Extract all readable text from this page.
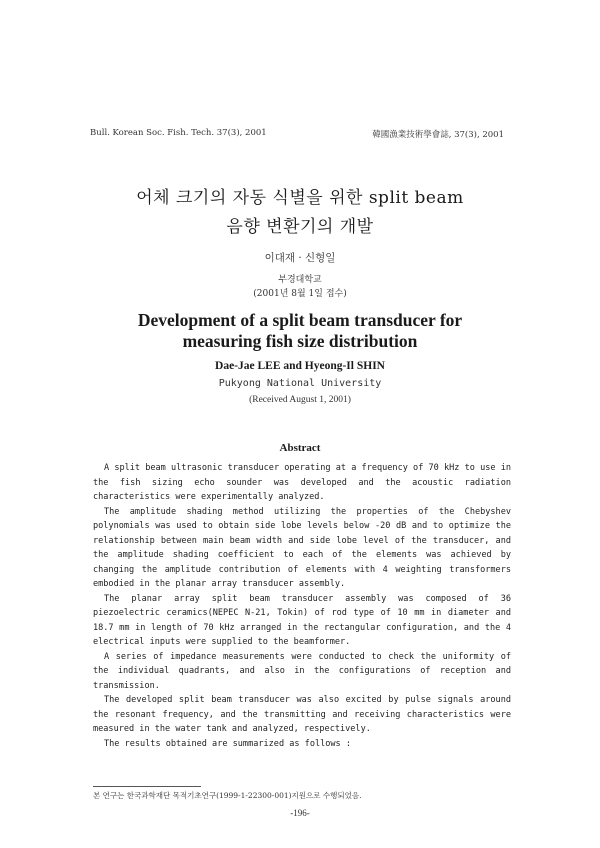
Bull. Korean Soc. Fish. Tech. 37(3), 2001	韓國漁業技術學會誌, 37(3), 2001
어체 크기의 자동 식별을 위한 split beam
음향 변환기의 개발
이대재 · 신형일
부경대학교
(2001년 8월 1일 접수)
Development of a split beam transducer for
measuring fish size distribution
Dae-Jae LEE and Hyeong-Il SHIN
Pukyong National University
(Received August 1, 2001)
Abstract

A split beam ultrasonic transducer operating at a frequency of 70 kHz to use in the fish sizing echo sounder was developed and the acoustic radiation characteristics were experimentally analyzed.

The amplitude shading method utilizing the properties of the Chebyshev polynomials was used to obtain side lobe levels below -20 dB and to optimize the relationship between main beam width and side lobe level of the transducer, and the amplitude shading coefficient to each of the elements was achieved by changing the amplitude contribution of elements with 4 weighting transformers embodied in the planar array transducer assembly.

The planar array split beam transducer assembly was composed of 36 piezoelectric ceramics(NEPEC N-21, Tokin) of rod type of 10 mm in diameter and 18.7 mm in length of 70 kHz arranged in the rectangular configuration, and the 4 electrical inputs were supplied to the beamformer.

A series of impedance measurements were conducted to check the uniformity of the individual quadrants, and also in the configurations of reception and transmission.

The developed split beam transducer was also excited by pulse signals around the resonant frequency, and the transmitting and receiving characteristics were measured in the water tank and analyzed, respectively.

The results obtained are summarized as follows :

본 연구는 한국과학재단 목적기초연구(1999-1-22300-001)지원으로 수행되었음.
-196-
